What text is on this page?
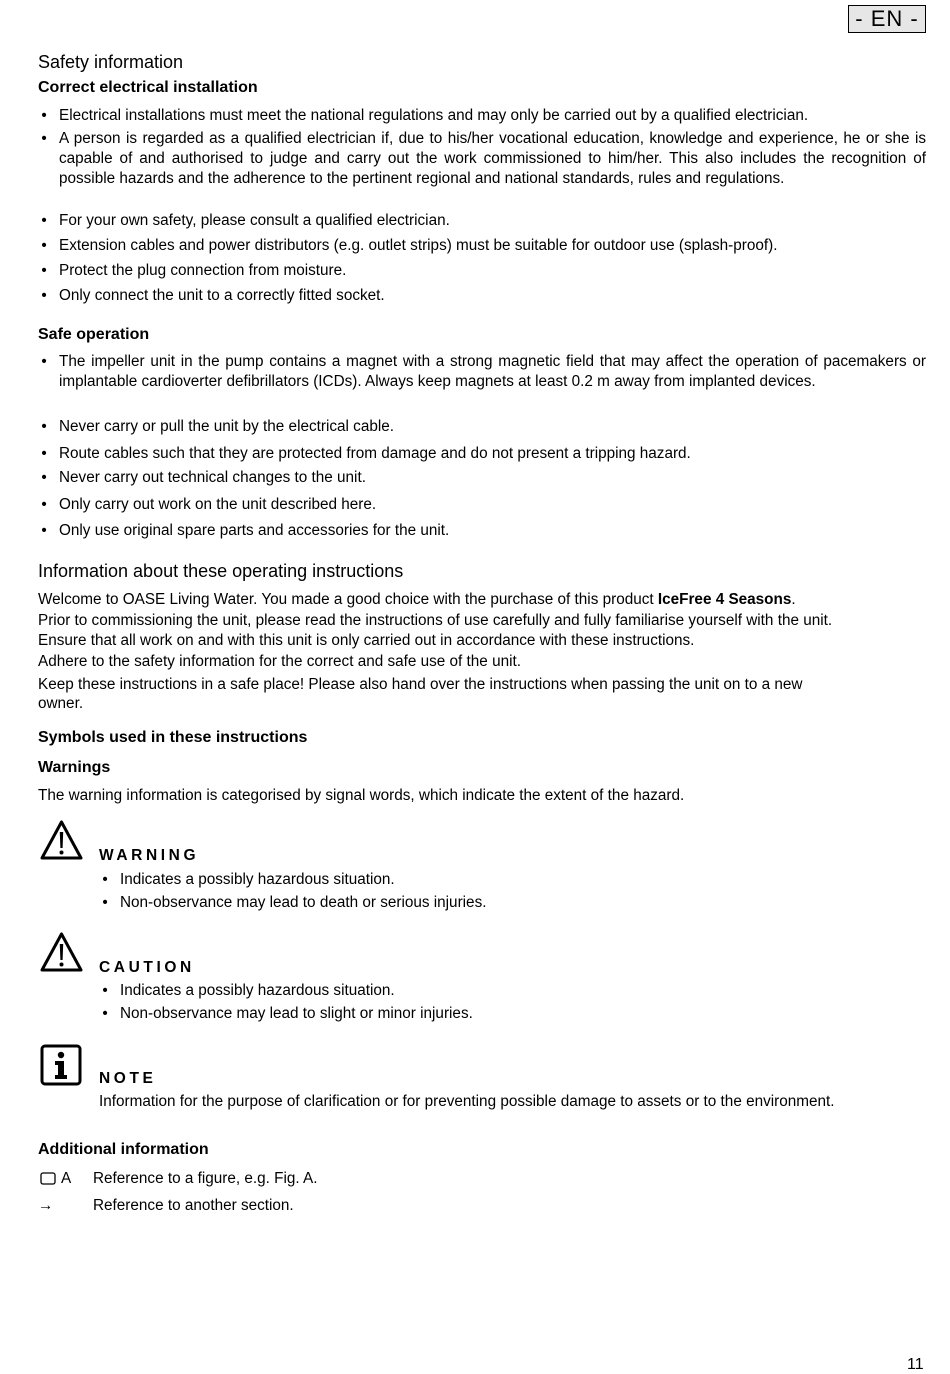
- EN -
Safety information
Correct electrical installation
• Electrical installations must meet the national regulations and may only be carried out by a qualified electrician.
• A person is regarded as a qualified electrician if, due to his/her vocational education, knowledge and experience, he or she is capable of and authorised to judge and carry out the work commissioned to him/her. This also includes the recognition of possible hazards and the adherence to the pertinent regional and national standards, rules and regulations.
• For your own safety, please consult a qualified electrician.
• Extension cables and power distributors (e.g. outlet strips) must be suitable for outdoor use (splash-proof).
• Protect the plug connection from moisture.
• Only connect the unit to a correctly fitted socket.
Safe operation
• The impeller unit in the pump contains a magnet with a strong magnetic field that may affect the operation of pacemakers or implantable cardioverter defibrillators (ICDs). Always keep magnets at least 0.2 m away from implanted devices.
• Never carry or pull the unit by the electrical cable.
• Route cables such that they are protected from damage and do not present a tripping hazard.
• Never carry out technical changes to the unit.
• Only carry out work on the unit described here.
• Only use original spare parts and accessories for the unit.
Information about these operating instructions
Welcome to OASE Living Water. You made a good choice with the purchase of this product IceFree 4 Seasons.
Prior to commissioning the unit, please read the instructions of use carefully and fully familiarise yourself with the unit.
Ensure that all work on and with this unit is only carried out in accordance with these instructions.
Adhere to the safety information for the correct and safe use of the unit.
Keep these instructions in a safe place! Please also hand over the instructions when passing the unit on to a new
owner.
Symbols used in these instructions
Warnings
The warning information is categorised by signal words, which indicate the extent of the hazard.
WARNING
• Indicates a possibly hazardous situation.
• Non-observance may lead to death or serious injuries.
CAUTION
• Indicates a possibly hazardous situation.
• Non-observance may lead to slight or minor injuries.
NOTE
Information for the purpose of clarification or for preventing possible damage to assets or to the environment.
Additional information
A Reference to a figure, e.g. Fig. A.
→	Reference to another section.
11
